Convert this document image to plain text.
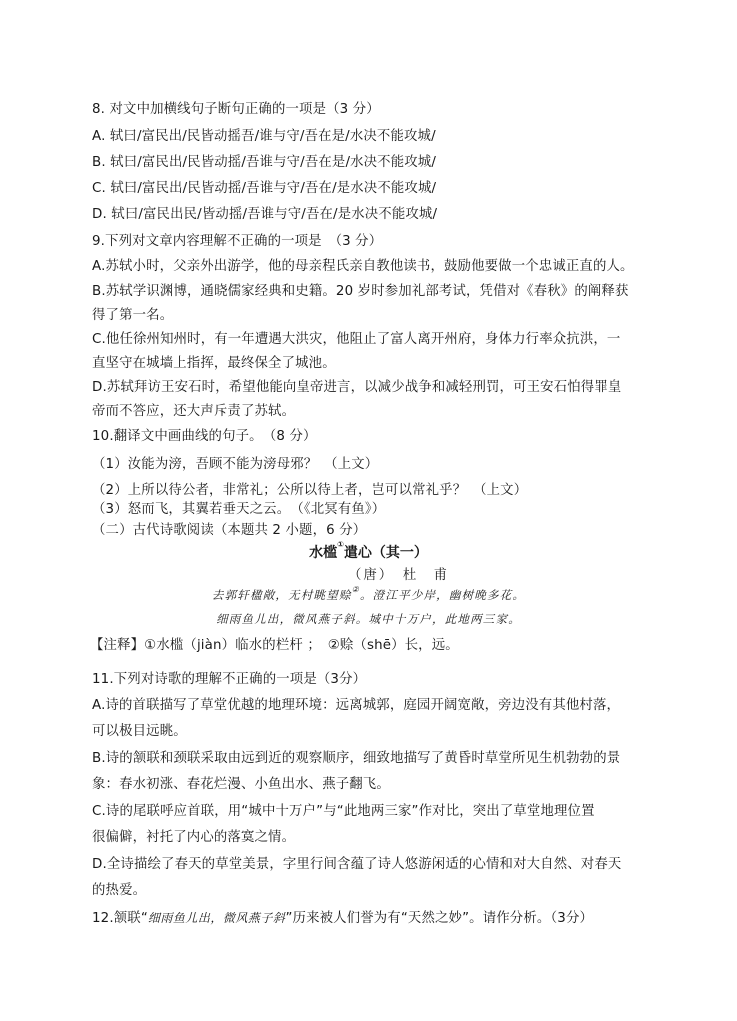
8. 对文中加横线句子断句正确的一项是（3 分）
A. 轼曰/富民出/民皆动摇吾/谁与守/吾在是/水决不能攻城/
B. 轼曰/富民出/民皆动摇/吾谁与守/吾在是/水决不能攻城/
C. 轼曰/富民出/民皆动摇/吾谁与守/吾在/是水决不能攻城/
D. 轼曰/富民出民/皆动摇/吾谁与守/吾在/是水决不能攻城/
9.下列对文章内容理解不正确的一项是　（3 分）
A.苏轼小时，父亲外出游学，他的母亲程氏亲自教他读书，鼓励他要做一个忠诚正直的人。
B.苏轼学识渊博，通晓儒家经典和史籍。20 岁时参加礼部考试，凭借对《春秋》的阐释获
得了第一名。
C.他任徐州知州时，有一年遭遇大洪灾，他阻止了富人离开州府，身体力行率众抗洪，一
直坚守在城墙上指挥，最终保全了城池。
D.苏轼拜访王安石时，希望他能向皇帝进言，以减少战争和减轻刑罚，可王安石怕得罪皇
帝而不答应，还大声斥责了苏轼。
10.翻译文中画曲线的句子。　（8 分）
（1）汝能为滂，吾顾不能为滂母邪？　（上文）
（2）上所以待公者，非常礼；公所以待上者，岂可以常礼乎？　（上文）
（3）怒而飞，其翼若垂天之云。　（《北冥有鱼》）
（二）古代诗歌阅读（本题共 2 小题，6 分）
水槛①遣心（其一）
（唐）　杜　甫
去郭轩楹敞，无村眺望赊②。澄江平少岸，幽树晚多花。
细雨鱼儿出，微风燕子斜。城中十万户，此地两三家。
【注释】①水槛（jiàn）临水的栏杆 ；　②赊（shē）长，远。
11.下列对诗歌的理解不正确的一项是（3分）
A.诗的首联描写了草堂优越的地理环境：远离城郭，庭园开阔宽敞，旁边没有其他村落，
可以极目远眺。
B.诗的颔联和颈联采取由远到近的观察顺序，细致地描写了黄昏时草堂所见生机勃勃的景
象：春水初涨、春花烂漫、小鱼出水、燕子翻飞。
C.诗的尾联呼应首联，用“城中十万户”与“此地两三家”作对比，突出了草堂地理位置
很偏僻，衬托了内心的落寞之情。
D.全诗描绘了春天的草堂美景，字里行间含蕴了诗人悠游闲适的心情和对大自然、对春天
的热爱。
12.颔联“细雨鱼儿出，微风燕子斜”历来被人们誉为有“天然之妙”。请作分析。（3分）
